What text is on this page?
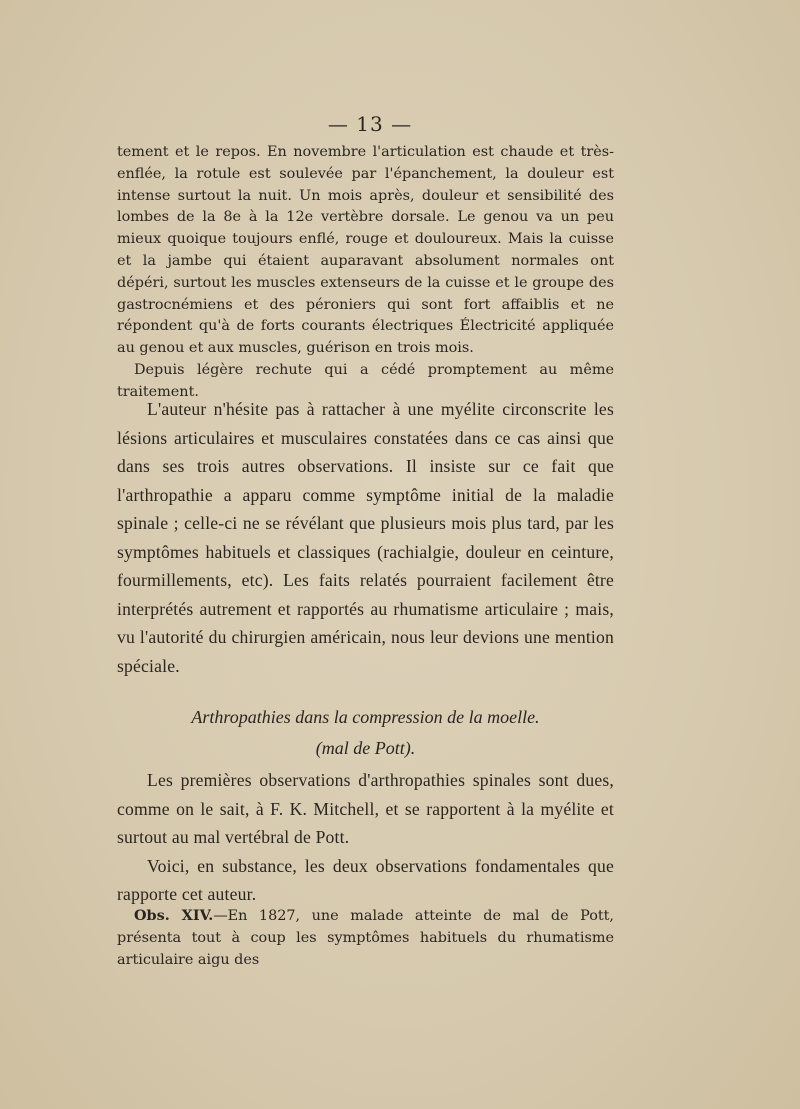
— 13 —

tement et le repos. En novembre l'articulation est chaude et très-enflée, la rotule est soulevée par l'épanchement, la douleur est intense surtout la nuit. Un mois après, douleur et sensibilité des lombes de la 8e à la 12e vertèbre dorsale. Le genou va un peu mieux quoique toujours enflé, rouge et douloureux. Mais la cuisse et la jambe qui étaient auparavant absolument normales ont dépéri, surtout les muscles extenseurs de la cuisse et le groupe des gastrocnémiens et des péroniers qui sont fort affaiblis et ne répondent qu'à de forts courants électriques Électricité appliquée au genou et aux muscles, guérison en trois mois.

Depuis légère rechute qui a cédé promptement au même traitement.

L'auteur n'hésite pas à rattacher à une myélite circonscrite les lésions articulaires et musculaires constatées dans ce cas ainsi que dans ses trois autres observations. Il insiste sur ce fait que l'arthropathie a apparu comme symptôme initial de la maladie spinale ; celle-ci ne se révélant que plusieurs mois plus tard, par les symptômes habituels et classiques (rachialgie, douleur en ceinture, fourmillements, etc). Les faits relatés pourraient facilement être interprétés autrement et rapportés au rhumatisme articulaire ; mais, vu l'autorité du chirurgien américain, nous leur devions une mention spéciale.

Arthropathies dans la compression de la moelle.
(mal de Pott).

Les premières observations d'arthropathies spinales sont dues, comme on le sait, à F. K. Mitchell, et se rapportent à la myélite et surtout au mal vertébral de Pott.

Voici, en substance, les deux observations fondamentales que rapporte cet auteur.

Obs. XIV.—En 1827, une malade atteinte de mal de Pott, présenta tout à coup les symptômes habituels du rhumatisme articulaire aigu des
